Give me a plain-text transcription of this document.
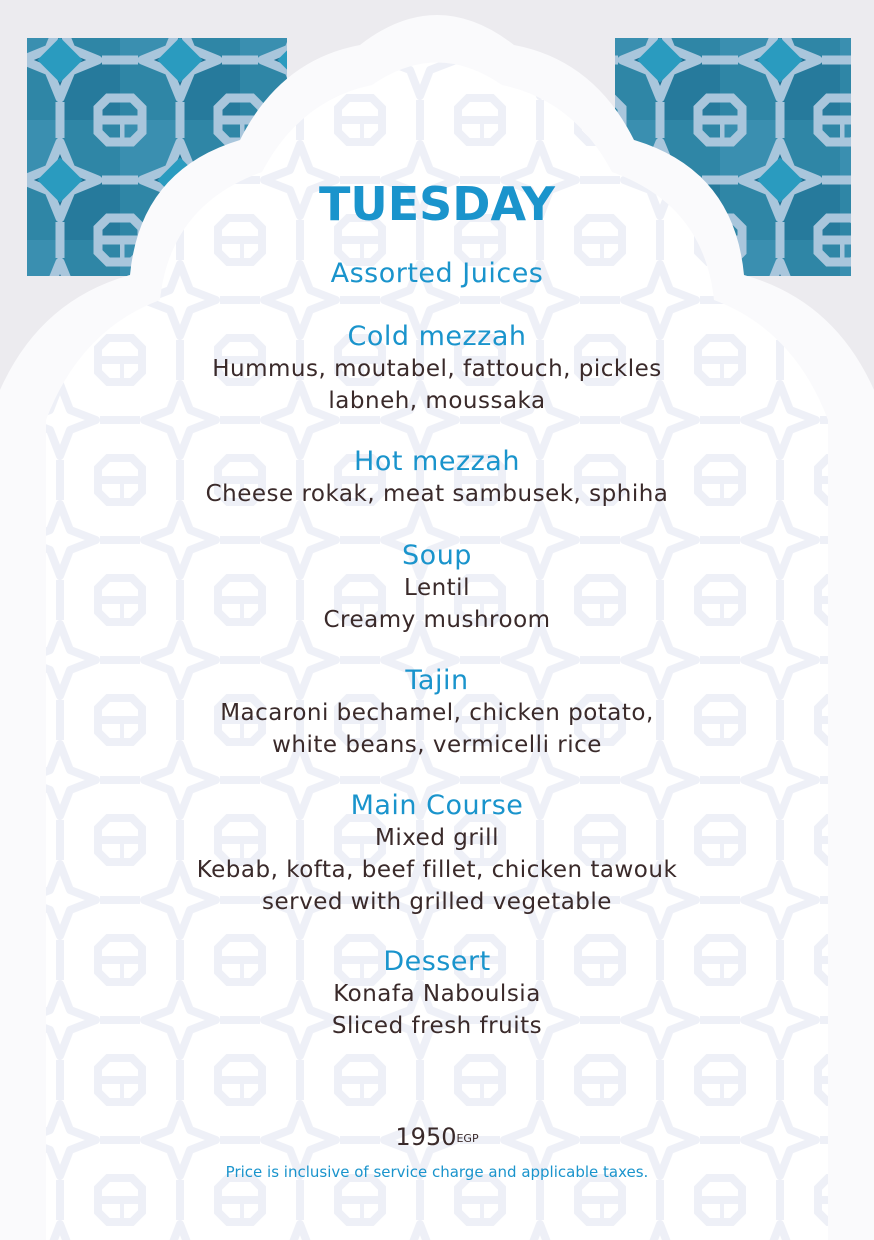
TUESDAY
Assorted Juices
Cold mezzah
Hummus, moutabel, fattouch, pickles
labneh, moussaka
Hot mezzah
Cheese rokak, meat sambusek, sphiha
Soup
Lentil
Creamy mushroom
Tajin
Macaroni bechamel, chicken potato,
white beans, vermicelli rice
Main Course
Mixed grill
Kebab, kofta, beef fillet, chicken tawouk
served with grilled vegetable
Dessert
Konafa Naboulsia
Sliced fresh fruits
$1950^{EGP}$
Price is inclusive of service charge and applicable taxes.
